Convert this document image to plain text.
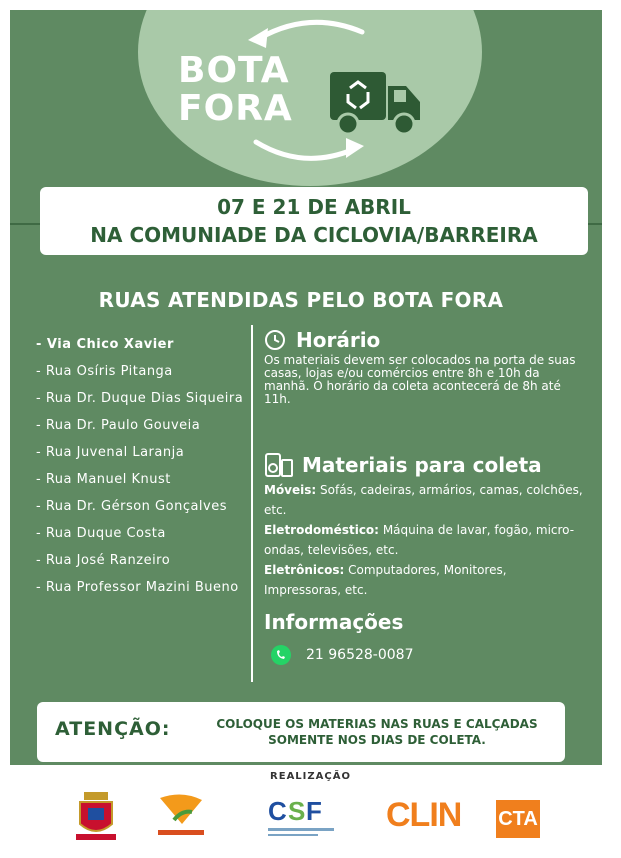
BOTA
FORA
07 E 21 DE ABRIL
NA COMUNIADE DA CICLOVIA/BARREIRA
RUAS ATENDIDAS PELO BOTA FORA
- Via Chico Xavier
- Rua Osíris Pitanga
- Rua Dr. Duque Dias Siqueira
- Rua Dr. Paulo Gouveia
- Rua Juvenal Laranja
- Rua Manuel Knust
- Rua Dr. Gérson Gonçalves
- Rua Duque Costa
- Rua José Ranzeiro
- Rua Professor Mazini Bueno
Horário
Os materiais devem ser colocados na porta de suas casas, lojas e/ou comércios entre 8h e 10h da manhã. O horário da coleta acontecerá de 8h até 11h.
Materiais para coleta
Móveis: Sofás, cadeiras, armários, camas, colchões, etc.
Eletrodoméstico: Máquina de lavar, fogão, micro-ondas, televisões, etc.
Eletrônicos: Computadores, Monitores, Impressoras, etc.
Informações
21 96528-0087
ATENÇÃO:	COLOQUE OS MATERIAS NAS RUAS E CALÇADAS SOMENTE NOS DIAS DE COLETA.
REALIZAÇÃO
C S F CLIN CTA
